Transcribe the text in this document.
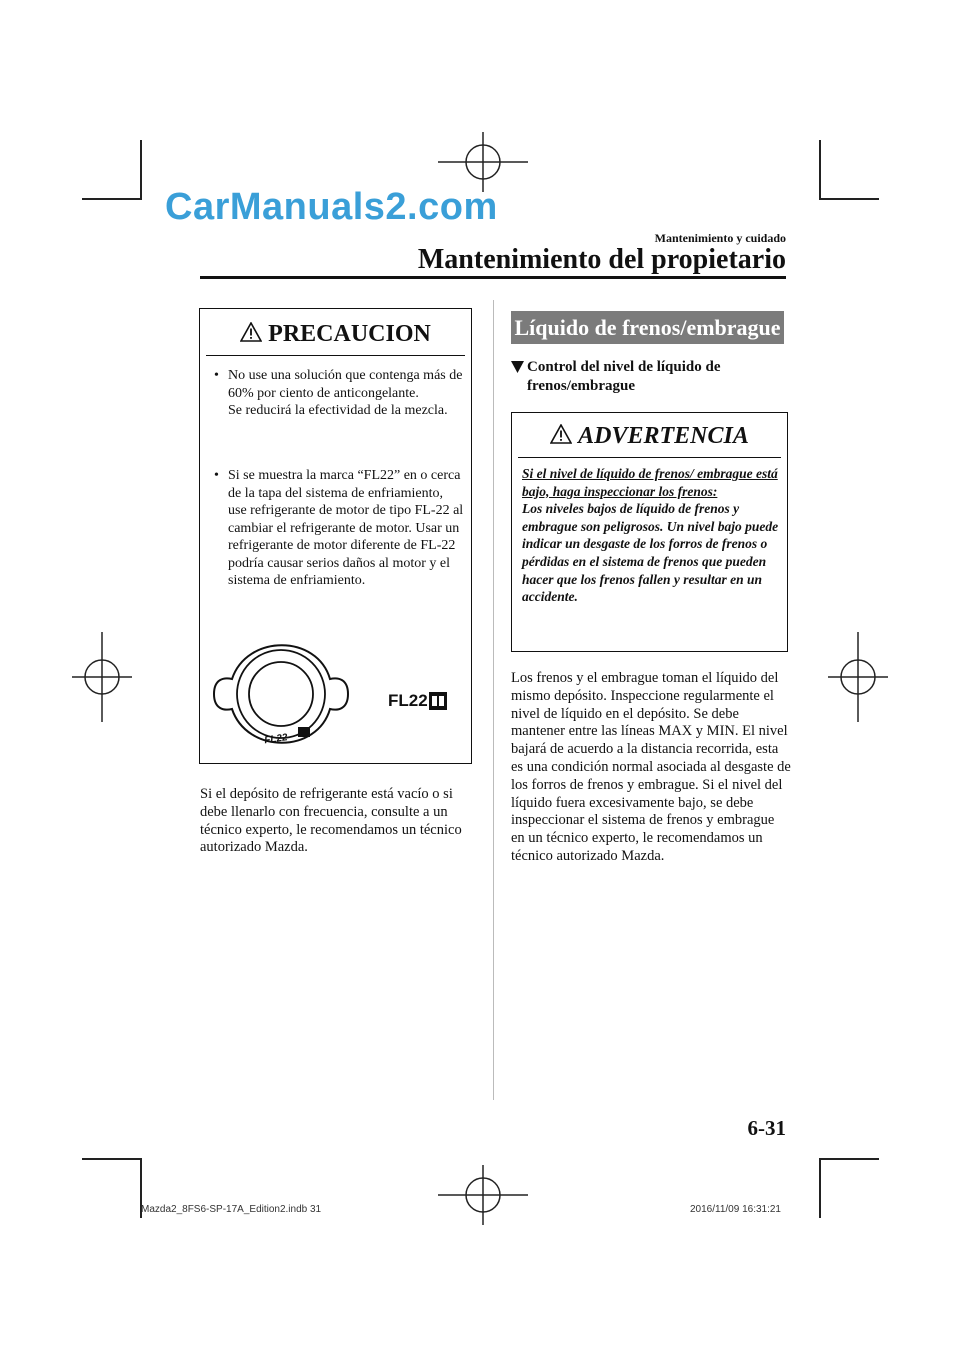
CarManuals2.com
Mantenimiento y cuidado
Mantenimiento del propietario
PRECAUCION
• No use una solución que contenga más de 60% por ciento de anticongelante.
Se reducirá la efectividad de la mezcla.
• Si se muestra la marca “FL22” en o cerca de la tapa del sistema de enfriamiento, use refrigerante de motor de tipo FL-22 al cambiar el refrigerante de motor. Usar un refrigerante de motor diferente de FL-22 podría causar serios daños al motor y el sistema de enfriamiento.
FL22
FL22
Si el depósito de refrigerante está vacío o si debe llenarlo con frecuencia, consulte a un técnico experto, le recomendamos un técnico autorizado Mazda.
Líquido de frenos/embrague
Control del nivel de líquido de frenos/embrague
ADVERTENCIA
Si el nivel de líquido de frenos/ embrague está bajo, haga inspeccionar los frenos:
Los niveles bajos de líquido de frenos y embrague son peligrosos. Un nivel bajo puede indicar un desgaste de los forros de frenos o pérdidas en el sistema de frenos que pueden hacer que los frenos fallen y resultar en un accidente.
Los frenos y el embrague toman el líquido del mismo depósito. Inspeccione regularmente el nivel de líquido en el depósito. Se debe mantener entre las líneas MAX y MIN. El nivel bajará de acuerdo a la distancia recorrida, esta es una condición normal asociada al desgaste de los forros de frenos y embrague. Si el nivel del líquido fuera excesivamente bajo, se debe inspeccionar el sistema de frenos y embrague en un técnico experto, le recomendamos un técnico autorizado Mazda.
6-31
Mazda2_8FS6-SP-17A_Edition2.indb 31	2016/11/09 16:31:21
